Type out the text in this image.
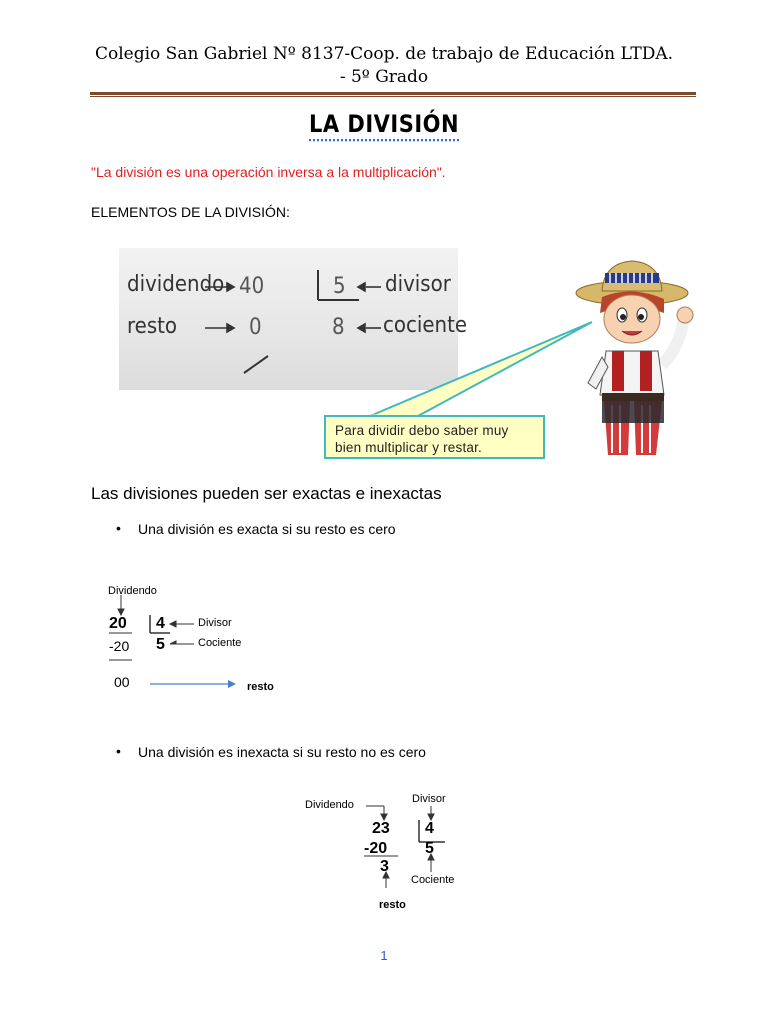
Colegio San Gabriel Nº 8137-Coop. de trabajo de Educación LTDA.
- 5º Grado
LA DIVISIÓN
"La división es una operación inversa a la multiplicación".
ELEMENTOS DE LA DIVISIÓN:
dividendo 40	5 divisor
resto	0	8 cociente
Para dividir debo saber muy
bien multiplicar y restar.
Las divisiones pueden ser exactas e inexactas
• Una división es exacta si su resto es cero
Dividendo
20 4	Divisor
-20 5	Cociente
00	resto
• Una división es inexacta si su resto no es cero
Dividendo	Divisor
23 4
-20 5
3
Cociente
resto
1
